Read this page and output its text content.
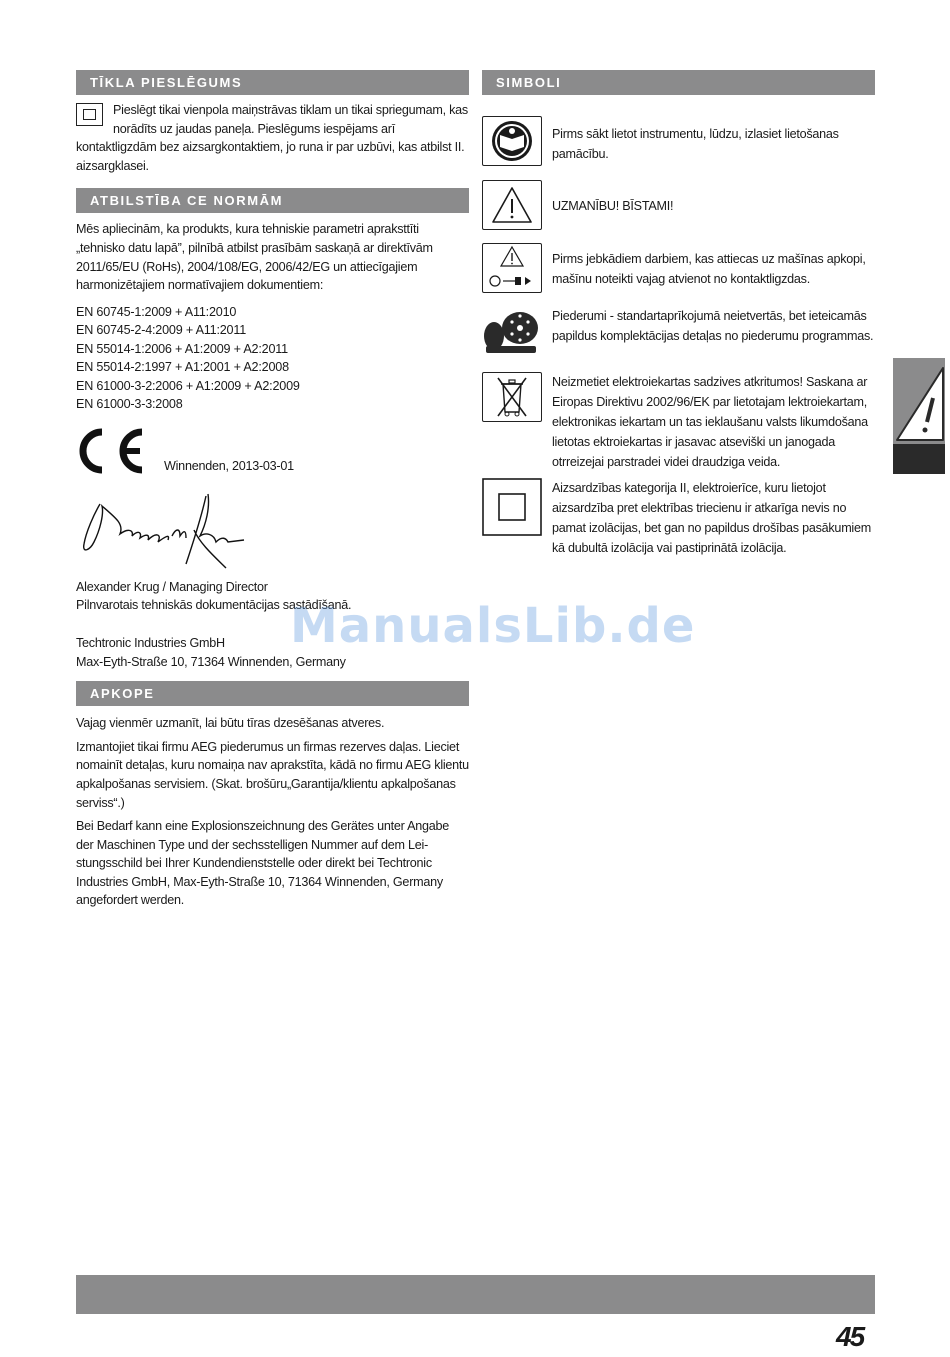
TĪKLA PIESLĒGUMS

Pieslēgt tikai vienpola maiņstrāvas tiklam un tikai spriegumam, kas norādīts uz jaudas paneļa. Pieslēgums iespējams arī kontaktligzdām bez aizsargkontaktiem, jo runa ir par uzbūvi, kas atbilst II. aizsargklasei.

ATBILSTĪBA CE NORMĀM

Mēs apliecinām, ka produkts, kura tehniskie parametri apraksttīti „tehnisko datu lapā”, pilnībā atbilst prasībām saskaņā ar direktīvām 2011/65/EU (RoHs), 2004/108/EG, 2006/42/EG un attiecīgajiem harmonizētajiem normatīvajiem dokumentiem:

EN 60745-1:2009 + A11:2010
EN 60745-2-4:2009 + A11:2011
EN 55014-1:2006 + A1:2009 + A2:2011
EN 55014-2:1997 + A1:2001 + A2:2008
EN 61000-3-2:2006 + A1:2009 + A2:2009
EN 61000-3-3:2008
Winnenden, 2013-03-01

Alexander Krug / Managing Director

Pilnvarotais tehniskās dokumentācijas sastādīšanā.

Techtronic Industries GmbH

Max-Eyth-Straße 10, 71364 Winnenden, Germany

APKOPE

Vajag vienmēr uzmanīt, lai būtu tīras dzesēšanas atveres.

Izmantojiet tikai firmu AEG piederumus un firmas rezerves daļas. Lieciet nomainīt detaļas, kuru nomaiņa nav aprakstīta, kādā no firmu AEG klientu apkalpošanas servisiem. (Skat. brošūru„Garantija/klientu apkalpošanas serviss“.)

Bei Bedarf kann eine Explosionszeichnung des Gerätes unter Angabe der Maschinen Type und der sechsstelligen Nummer auf dem Leistungsschild bei Ihrer Kundendienststelle oder direkt bei Techtronic Industries GmbH, Max-Eyth-Straße 10, 71364 Winnenden, Germany angefordert werden.

SIMBOLI
Pirms sākt lietot instrumentu, lūdzu, izlasiet lietošanas pamācību.
UZMANĪBU! BĪSTAMI!
Pirms jebkādiem darbiem, kas attiecas uz mašīnas apkopi, mašīnu noteikti vajag atvienot no kontaktligzdas.
Piederumi - standartaprīkojumā neietvertās, bet ieteicamās papildus komplektācijas detaļas no piederumu programmas.
Neizmetiet elektroiekartas sadzives atkritumos! Saskana ar Eiropas Direktivu 2002/96/EK par lietotajam lektroiekartam, elektronikas iekartam un tas ieklaušanu valsts likumdošana lietotas ektroiekartas ir jasavac atseviški un janogada otrreizejai parstradei videi draudziga veida.
Aizsardzības kategorija II, elektroierīce, kuru lietojot aizsardzība pret elektrības triecienu ir atkarīga nevis no pamat izolācijas, bet gan no papildus drošības pasākumiem kā dubultā izolācija vai pastiprinātā izolācija.
ManualsLib.de
45
